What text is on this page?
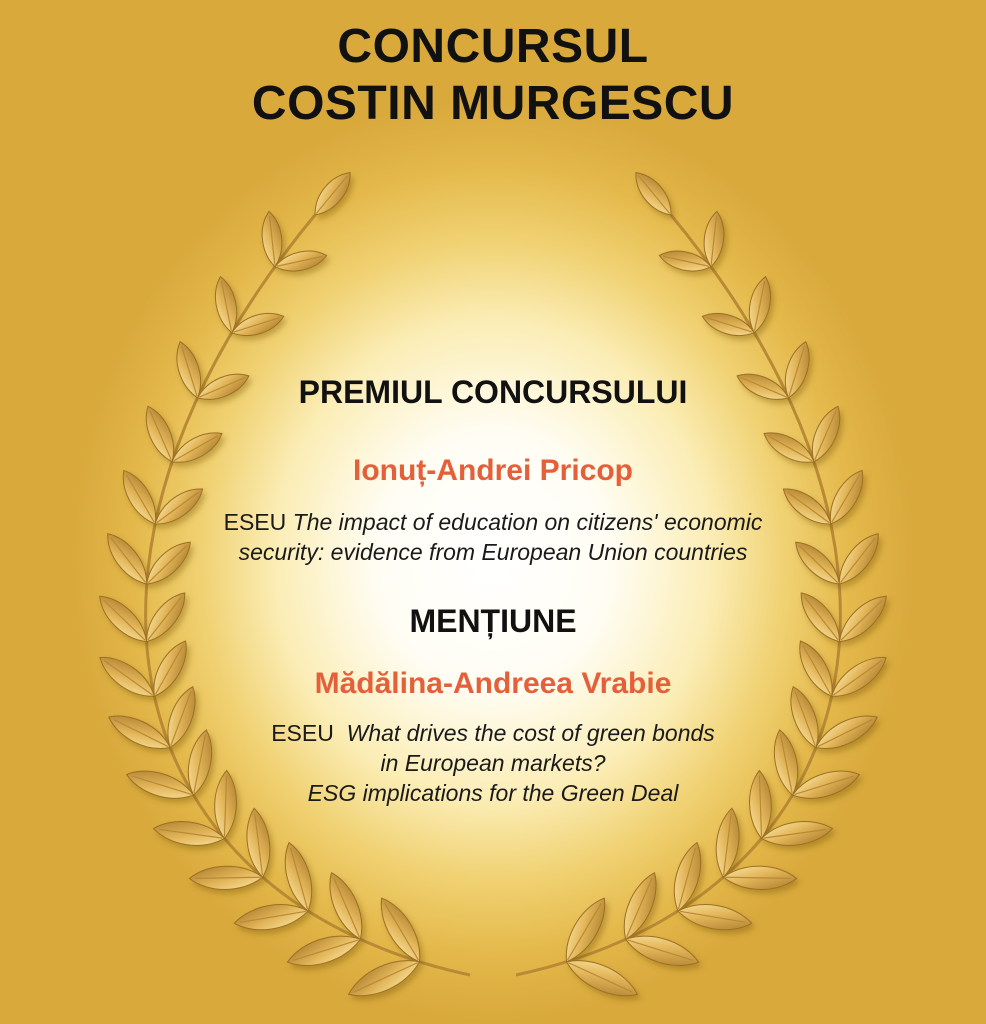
CONCURSUL
COSTIN MURGESCU
PREMIUL CONCURSULUI
Ionuț-Andrei Pricop
ESEU The impact of education on citizens' economic
security: evidence from European Union countries
MENȚIUNE
Mădălina-Andreea Vrabie
ESEU What drives the cost of green bonds
in European markets?
ESG implications for the Green Deal
